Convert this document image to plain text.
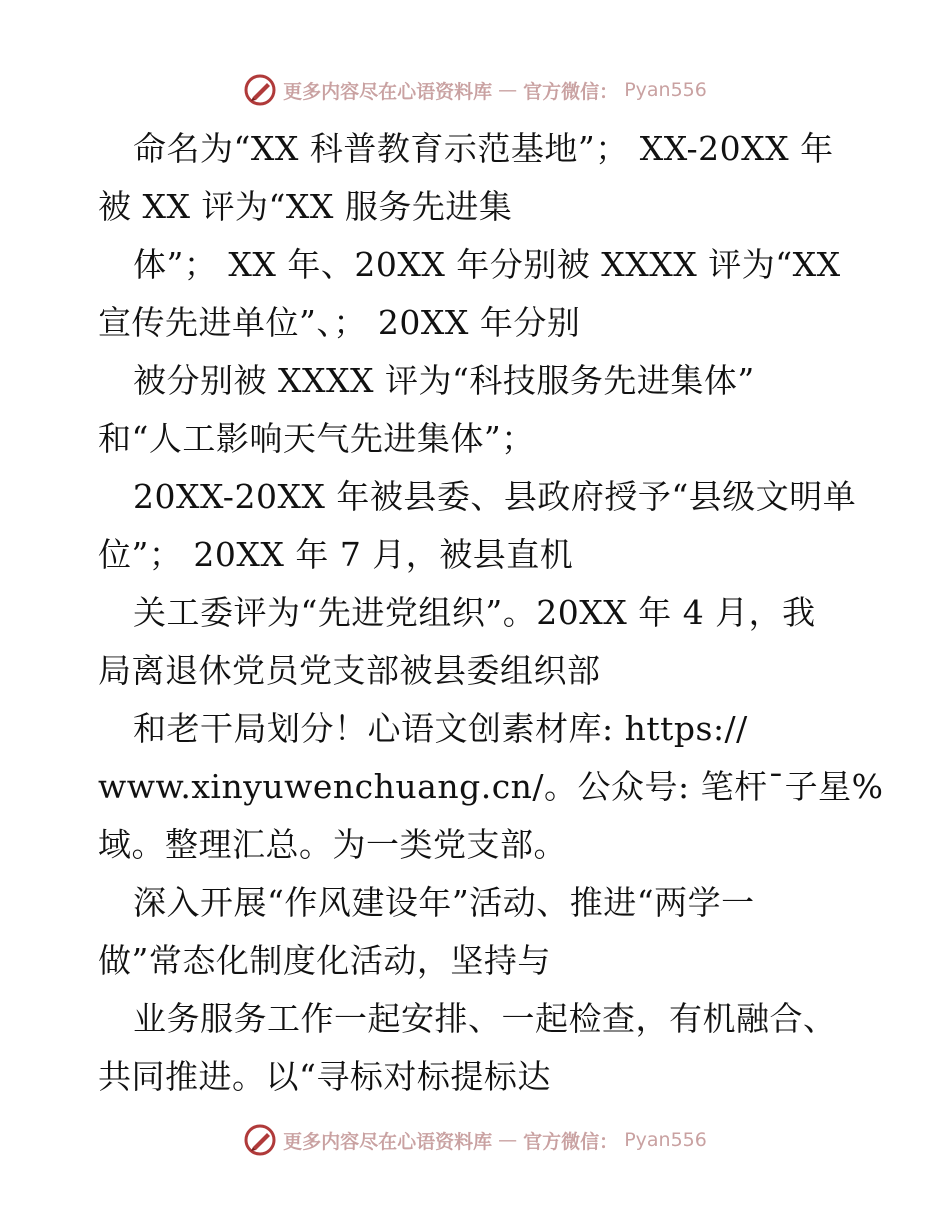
更多内容尽在心语资料库 — 官方微信： Pyan556
命名为“XX 科普教育示范基地”； XX-20XX 年
被 XX 评为“XX 服务先进集
体”； XX 年、20XX 年分别被 XXXX 评为“XX
宣传先进单位”、； 20XX 年分别
被分别被 XXXX 评为“科技服务先进集体”
和“人工影响天气先进集体”；
20XX-20XX 年被县委、县政府授予“县级文明单
位”； 20XX 年 7 月，被县直机
关工委评为“先进党组织”。20XX 年 4 月，我
局离退休党员党支部被县委组织部
和老干局划分！心语文创素材库: https://
www.xinyuwenchuang.cn/。公众号: 笔杆¯子星%
域。整理汇总。为一类党支部。
深入开展“作风建设年”活动、推进“两学一
做”常态化制度化活动，坚持与
业务服务工作一起安排、一起检查，有机融合、
共同推进。以“寻标对标提标达
更多内容尽在心语资料库 — 官方微信： Pyan556
